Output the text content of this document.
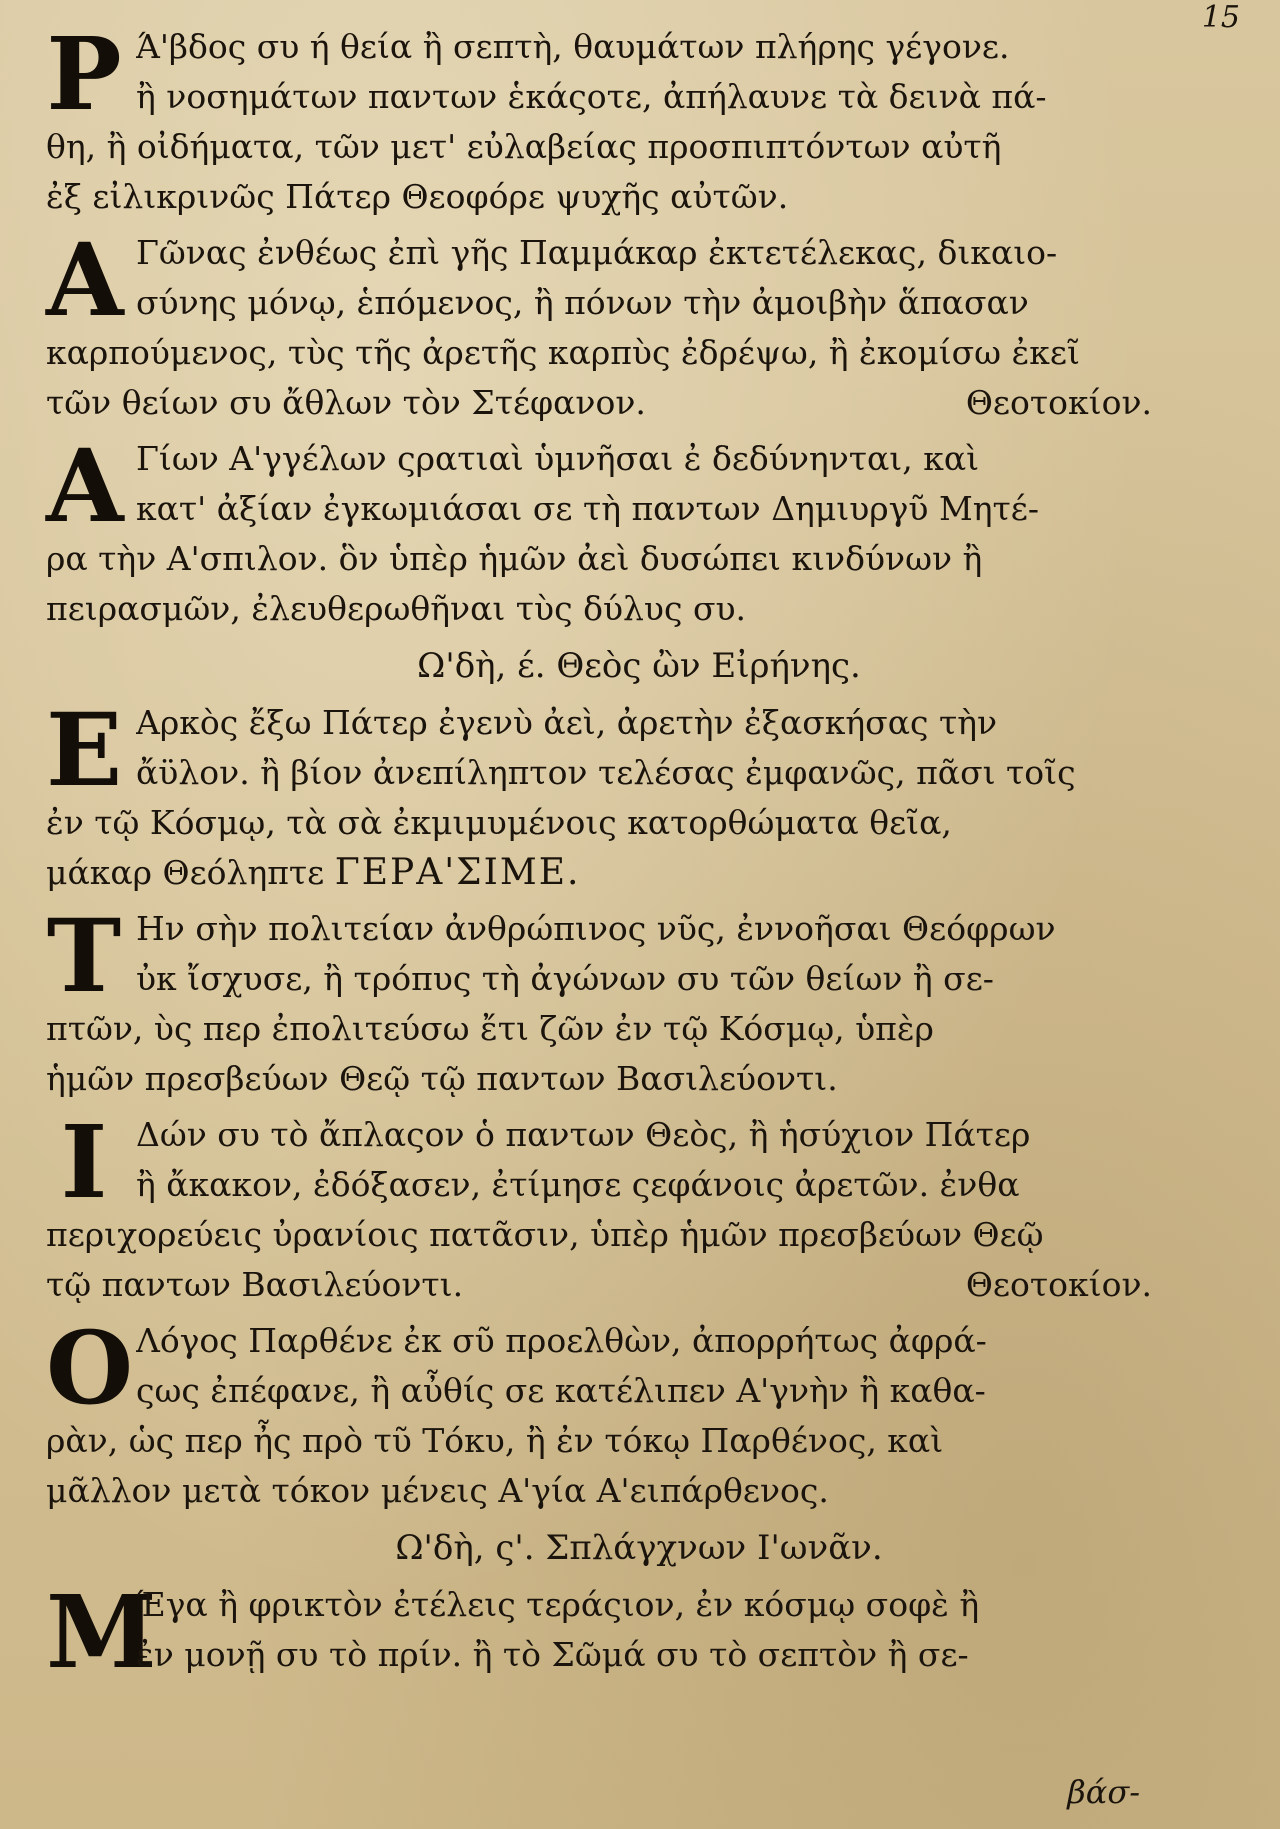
15
Ρ Ά'βδος συ ή θεία ἢ σεπτὴ, θαυμάτων πλήρης γέγονε.
ἢ νοσημάτων παντων ἑκάςοτε, ἀπήλαυνε τὰ δεινὰ πά-
θη, ἢ οἰδήματα, τῶν μετ' εὐλαβείας προσπιπτόντων αὐτῆ
ἐξ εἰλικρινῶς Πάτερ Θεοφόρε ψυχῆς αὐτῶν.
Α Γῶνας ἐνθέως ἐπὶ γῆς Παμμάκαρ ἐκτετέλεκας, δικαιο-
σύνης μόνῳ, ἑπόμενος, ἢ πόνων τὴν ἀμοιβὴν ἅπασαν
καρπούμενος, τὺς τῆς ἀρετῆς καρπὺς ἐδρέψω, ἢ ἐκομίσω ἐκεῖ
τῶν θείων συ ἄθλων τὸν Στέφανον.	Θεοτοκίον.
Α Γίων Α'γγέλων ςρατιαὶ ὑμνῆσαι ἐ δεδύνηνται, καὶ
κατ' ἀξίαν ἐγκωμιάσαι σε τὴ παντων Δημιυργῦ Μητέ-
ρα τὴν Α'σπιλον. ὃν ὑπὲρ ἡμῶν ἀεὶ δυσώπει κινδύνων ἢ
πειρασμῶν, ἐλευθερωθῆναι τὺς δύλυς συ.
Ω'δὴ, έ. Θεὸς ὢν Εἰρήνης.
Ε Αρκὸς ἔξω Πάτερ ἐγενὺ ἀεὶ, ἀρετὴν ἐξασκήσας τὴν
ἄϋλον. ἢ βίον ἀνεπίληπτον τελέσας ἐμφανῶς, πᾶσι τοῖς
ἐν τῷ Κόσμῳ, τὰ σὰ ἐκμιμυμένοις κατορθώματα θεῖα,
μάκαρ Θεόληπτε ΓΕΡΑ'ΣΙΜΕ.
Τ Ην σὴν πολιτείαν ἀνθρώπινος νῦς, ἐννοῆσαι Θεόφρων
ὐκ ἴσχυσε, ἢ τρόπυς τὴ ἀγώνων συ τῶν θείων ἢ σε-
πτῶν, ὺς περ ἐπολιτεύσω ἔτι ζῶν ἐν τῷ Κόσμῳ, ὑπὲρ
ἡμῶν πρεσβεύων Θεῷ τῷ παντων Βασιλεύοντι.
Ι Δών συ τὸ ἄπλαςον ὁ παντων Θεὸς, ἢ ἡσύχιον Πάτερ
ἢ ἄκακον, ἐδόξασεν, ἐτίμησε ςεφάνοις ἀρετῶν. ἐνθα
περιχορεύεις ὐρανίοις πατᾶσιν, ὑπὲρ ἡμῶν πρεσβεύων Θεῷ
τῷ παντων Βασιλεύοντι.	Θεοτοκίον.
Ο Λόγος Παρθένε ἐκ σῦ προελθὼν, ἀπορρήτως ἀφρά-
ςως ἐπέφανε, ἢ αὖθίς σε κατέλιπεν Α'γνὴν ἢ καθα-
ρὰν, ὡς περ ἦς πρὸ τῦ Τόκυ, ἢ ἐν τόκῳ Παρθένος, καὶ
μᾶλλον μετὰ τόκον μένεις Α'γία Α'ειπάρθενος.
Ω'δὴ, ς'. Σπλάγχνων Ι'ωνᾶν.
Μ
Έγα ἢ φρικτὸν ἐτέλεις τεράςιον, ἐν κόσμῳ σοφὲ ἢ
ἐν μονῇ συ τὸ πρίν. ἢ τὸ Σῶμά συ τὸ σεπτὸν ἢ σε-
βάσ-
